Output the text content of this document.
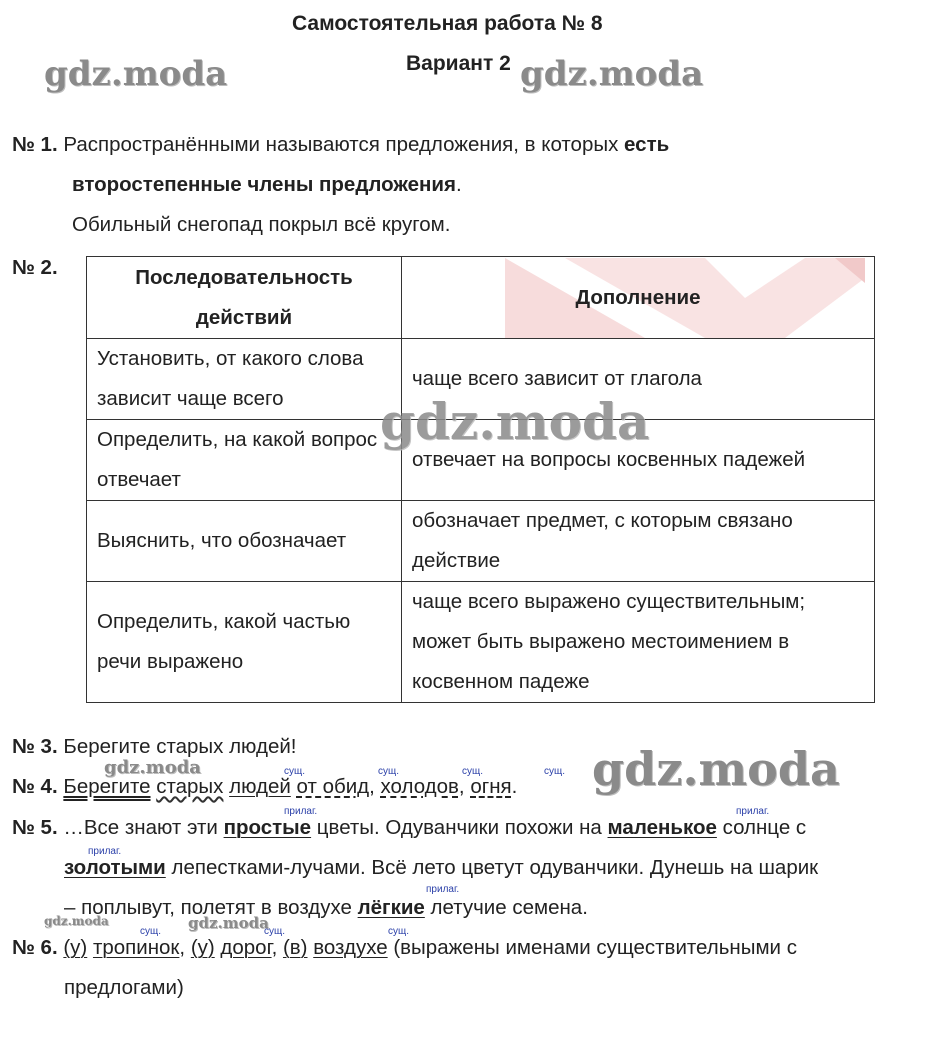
Самостоятельная работа № 8
Вариант 2
gdz.moda	gdz.moda
№ 1. Распространёнными называются предложения, в которых есть
второстепенные члены предложения.
Обильный снегопад покрыл всё кругом.
№ 2.	Последовательность действий	Дополнение
Установить, от какого слова зависит чаще всего	чаще всего зависит от глагола
Определить, на какой вопрос отвечает	отвечает на вопросы косвенных падежей
Выяснить, что обозначает	обозначает предмет, с которым связано действие
Определить, какой частью речи выражено	чаще всего выражено существительным; может быть выражено местоимением в косвенном падеже
gdz.moda
№ 3. Берегите старых людей!
gdz.moda	gdz.moda
сущ.	сущ.	сущ.	сущ.
№ 4. Берегите старых людей от обид, холодов, огня.
прилаг.	прилаг.
№ 5. …Все знают эти простые цветы. Одуванчики похожи на маленькое солнце с
прилаг.
золотыми лепестками-лучами. Всё лето цветут одуванчики. Дунешь на шарик
прилаг.
– поплывут, полетят в воздухе лёгкие летучие семена.
gdz.moda	gdz.moda
сущ.	сущ.	сущ.
№ 6. (у) тропинок, (у) дорог, (в) воздухе (выражены именами существительными с
предлогами)
